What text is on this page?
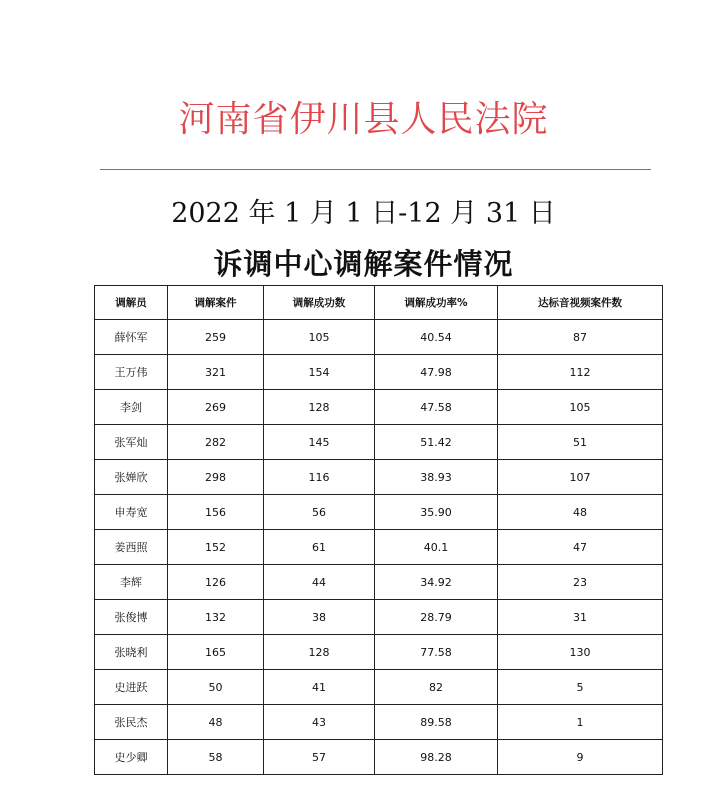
河南省伊川县人民法院
2022 年 1 月 1 日-12 月 31 日
诉调中心调解案件情况
调解员	调解案件	调解成功数	调解成功率%	达标音视频案件数
薛怀军	259	105	40.54	87
王万伟	321	154	47.98	112
李剑	269	128	47.58	105
张军灿	282	145	51.42	51
张婵欣	298	116	38.93	107
申寿宽	156	56	35.90	48
姜西照	152	61	40.1	47
李辉	126	44	34.92	23
张俊博	132	38	28.79	31
张晓利	165	128	77.58	130
史进跃	50	41	82	5
张民杰	48	43	89.58	1
史少卿	58	57	98.28	9
